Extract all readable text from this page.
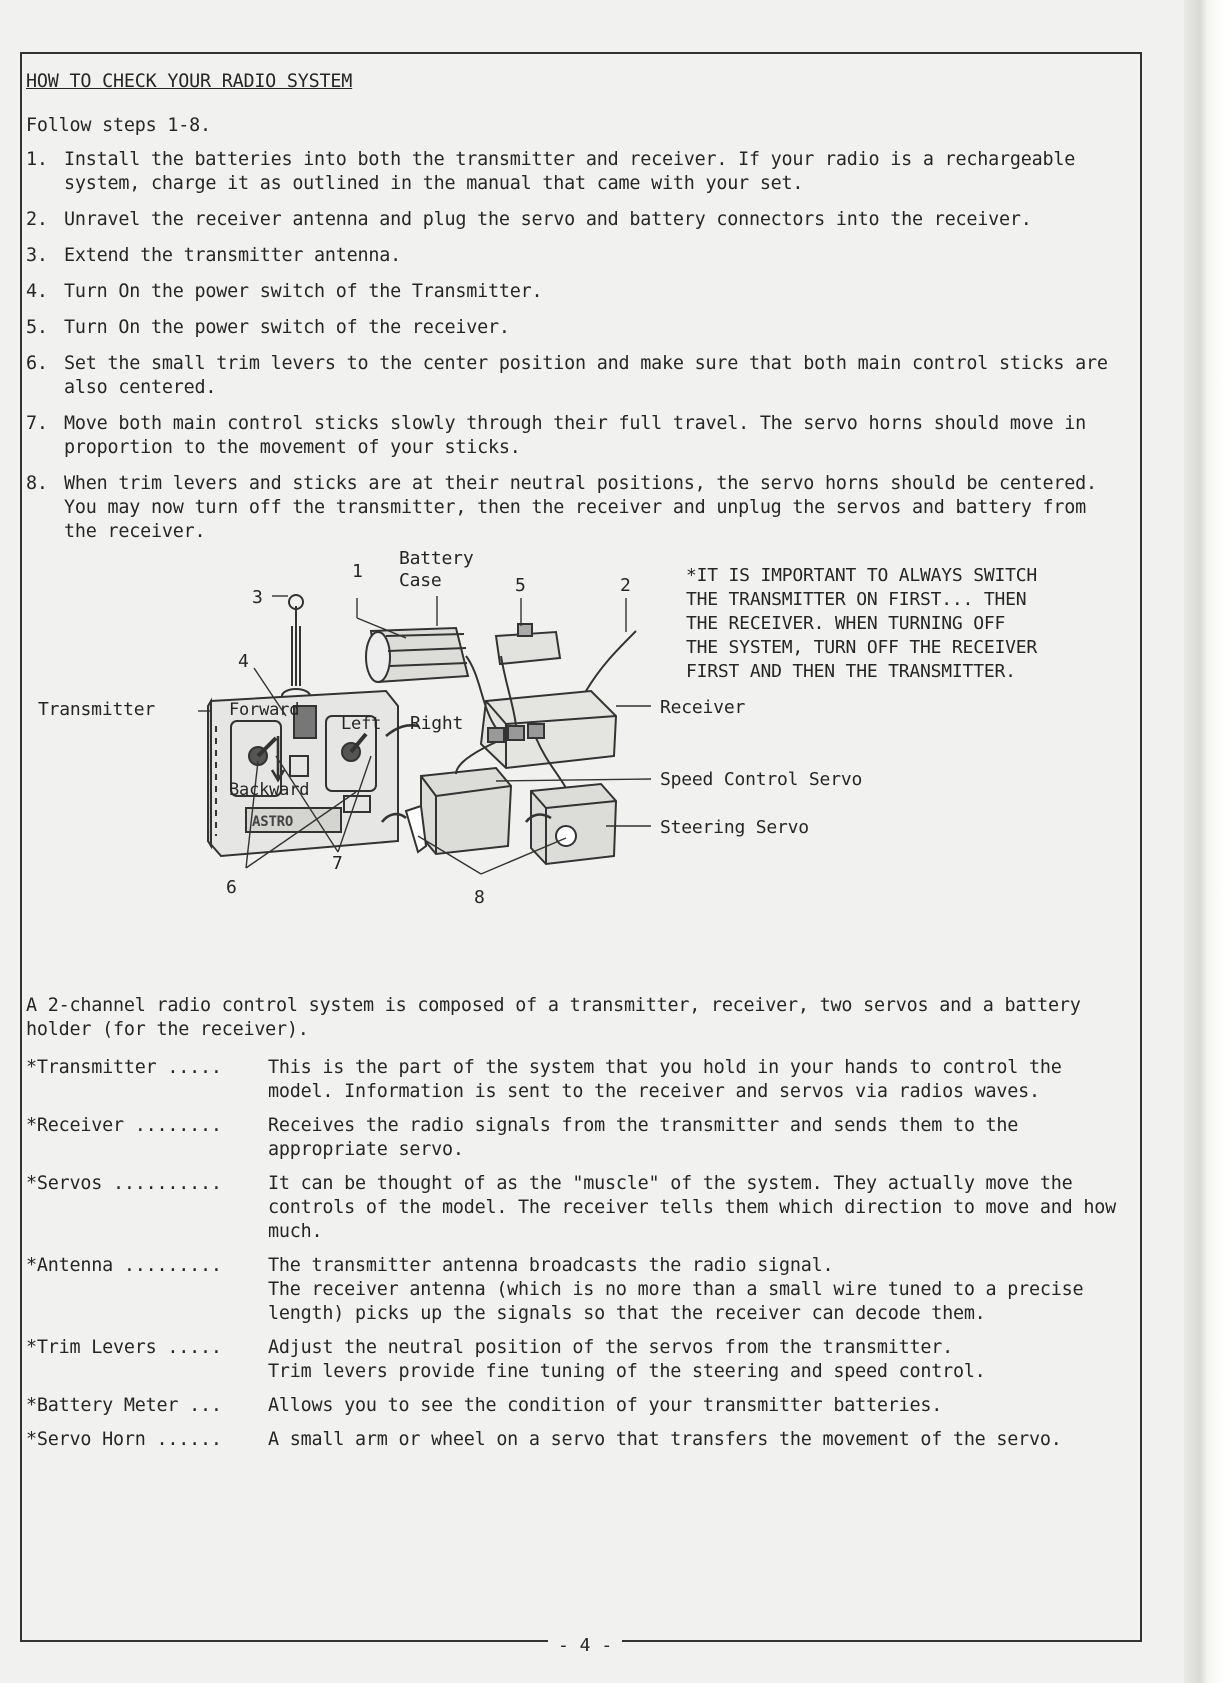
HOW TO CHECK YOUR RADIO SYSTEM
Follow steps 1-8.
1. Install the batteries into both the transmitter and receiver. If your radio is a rechargeable system, charge it as outlined in the manual that came with your set.
2. Unravel the receiver antenna and plug the servo and battery connectors into the receiver.
3. Extend the transmitter antenna.
4. Turn On the power switch of the Transmitter.
5. Turn On the power switch of the receiver.
6. Set the small trim levers to the center position and make sure that both main control sticks are also centered.
7. Move both main control sticks slowly through their full travel. The servo horns should move in proportion to the movement of your sticks.
8. When trim levers and sticks are at their neutral positions, the servo horns should be centered. You may now turn off the transmitter, then the receiver and unplug the servos and battery from the receiver.
3
1
Battery
Case	5	2
4
Transmitter	Forward
Left Right
Backward
ASTRO
Receiver
Speed Control Servo
Steering Servo
7
6	8
*IT IS IMPORTANT TO ALWAYS SWITCH
THE TRANSMITTER ON FIRST... THEN
THE RECEIVER. WHEN TURNING OFF
THE SYSTEM, TURN OFF THE RECEIVER
FIRST AND THEN THE TRANSMITTER.
A 2-channel radio control system is composed of a transmitter, receiver, two servos and a battery holder (for the receiver).
*Transmitter .....	This is the part of the system that you hold in your hands to control the model. Information is sent to the receiver and servos via radios waves.
*Receiver ........	Receives the radio signals from the transmitter and sends them to the appropriate servo.
*Servos ..........	It can be thought of as the "muscle" of the system. They actually move the controls of the model. The receiver tells them which direction to move and how much.
*Antenna .........	The transmitter antenna broadcasts the radio signal.
The receiver antenna (which is no more than a small wire tuned to a precise length) picks up the signals so that the receiver can decode them.
*Trim Levers .....	Adjust the neutral position of the servos from the transmitter.
Trim levers provide fine tuning of the steering and speed control.
*Battery Meter ...	Allows you to see the condition of your transmitter batteries.
*Servo Horn ......	A small arm or wheel on a servo that transfers the movement of the servo.
- 4 -
